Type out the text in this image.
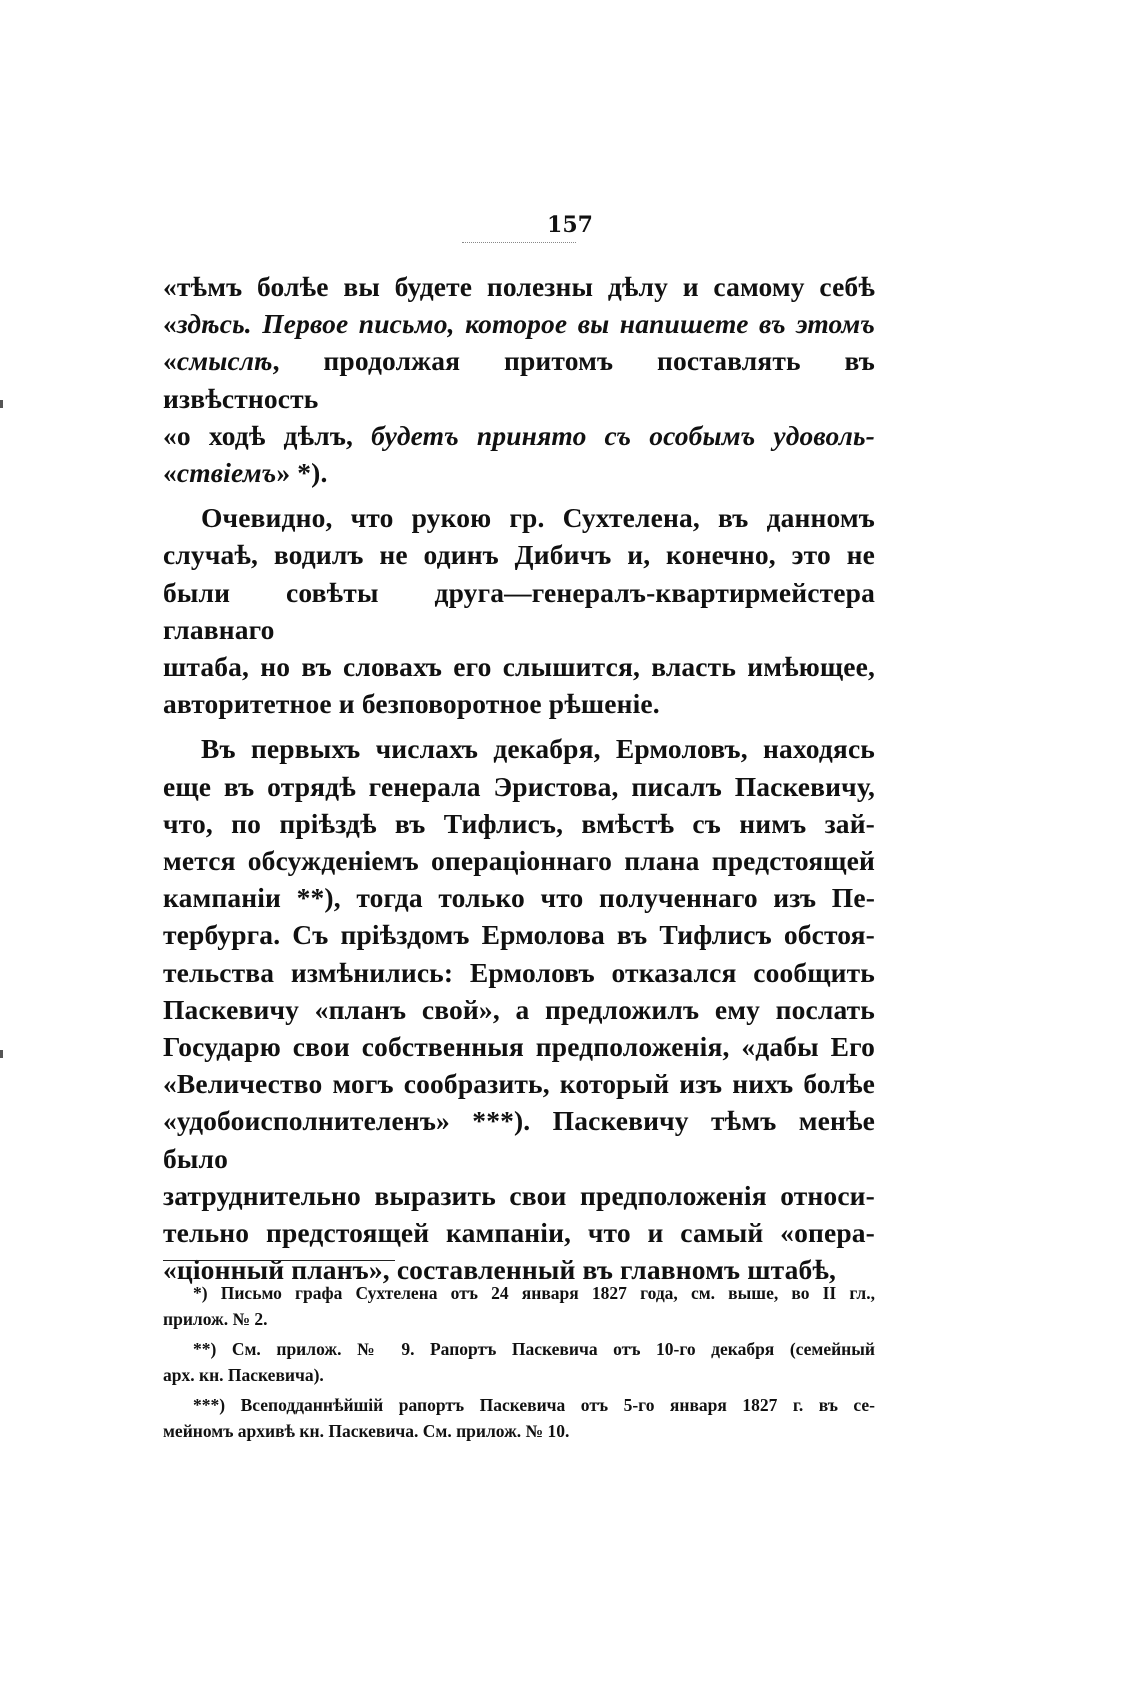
157
«тѣмъ болѣе вы будете полезны дѣлу и самому себѣ
«здѣсь. Первое письмо, которое вы напишете въ этомъ
«смыслѣ, продолжая притомъ поставлять въ извѣстность
«о ходѣ дѣлъ, будетъ принято съ особымъ удоволь-
«ствіемъ» *).
Очевидно, что рукою гр. Сухтелена, въ данномъ
случаѣ, водилъ не одинъ Дибичъ и, конечно, это не
были совѣты друга—генералъ-квартирмейстера главнаго
штаба, но въ словахъ его слышится, власть имѣющее,
авторитетное и безповоротное рѣшеніе.
Въ первыхъ числахъ декабря, Ермоловъ, находясь
еще въ отрядѣ генерала Эристова, писалъ Паскевичу,
что, по пріѣздѣ въ Тифлисъ, вмѣстѣ съ нимъ зай-
мется обсужденіемъ операціоннаго плана предстоящей
кампаніи **), тогда только что полученнаго изъ Пе-
тербурга. Съ пріѣздомъ Ермолова въ Тифлисъ обстоя-
тельства измѣнились: Ермоловъ отказался сообщить
Паскевичу «планъ свой», а предложилъ ему послать
Государю свои собственныя предположенія, «дабы Его
«Величество могъ сообразить, который изъ нихъ болѣе
«удобоисполнителенъ» ***). Паскевичу тѣмъ менѣе было
затруднительно выразить свои предположенія относи-
тельно предстоящей кампаніи, что и самый «опера-
«ціонный планъ», составленный въ главномъ штабѣ,
*) Письмо графа Сухтелена отъ 24 января 1827 года, см. выше, во II гл.,
прилож. № 2.
**) См. прилож. № 9. Рапортъ Паскевича отъ 10-го декабря (семейный
арх. кн. Паскевича).
***) Всеподданнѣйшій рапортъ Паскевича отъ 5-го января 1827 г. въ се-
мейномъ архивѣ кн. Паскевича. См. прилож. № 10.
